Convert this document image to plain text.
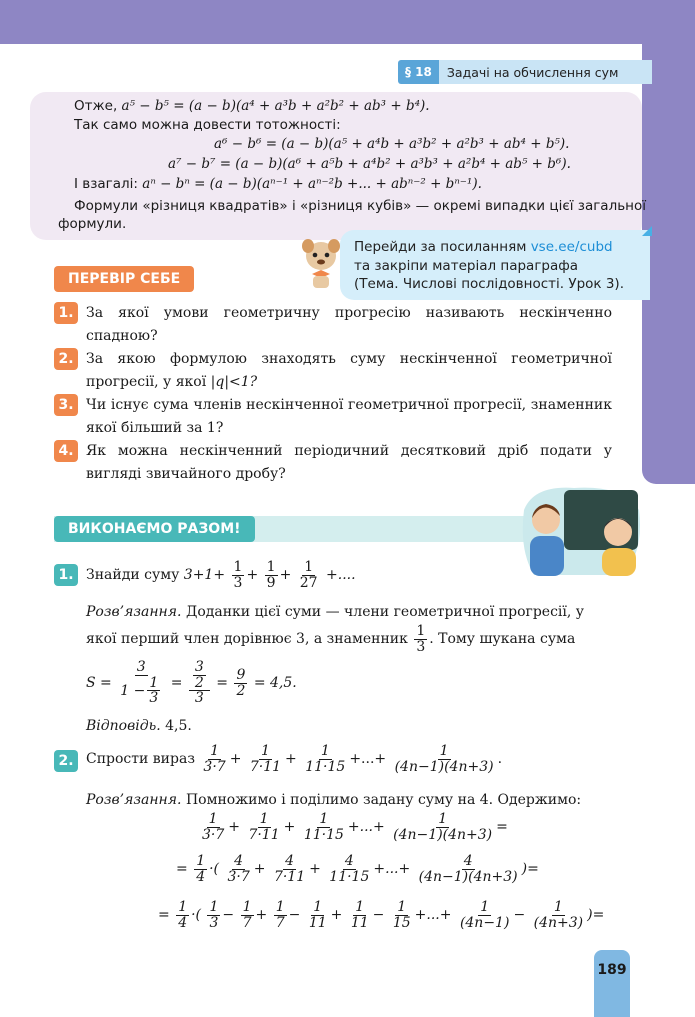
§ 18	Задачі на обчислення сум
Отже, a⁵ − b⁵ = (a − b)(a⁴ + a³b + a²b² + ab³ + b⁴).
Так само можна довести тотожності:
a⁶ − b⁶ = (a − b)(a⁵ + a⁴b + a³b² + a²b³ + ab⁴ + b⁵).
a⁷ − b⁷ = (a − b)(a⁶ + a⁵b + a⁴b² + a³b³ + a²b⁴ + ab⁵ + b⁶).
І взагалі: aⁿ − bⁿ = (a − b)(aⁿ⁻¹ + aⁿ⁻²b +... + abⁿ⁻² + bⁿ⁻¹).
Формули «різниця квадратів» і «різниця кубів» — окремі випадки цієї загальної
формули.
Перейди за посиланням vse.ee/cubd
та закріпи матеріал параграфа
(Тема. Числові послідовності. Урок 3).
ПЕРЕВІР СЕБЕ
1. За якої умови геометричну прогресію називають нескінченно спадною?
2. За якою формулою знаходять суму нескінченної геометричної прогресії, у якої |q|<1?
3. Чи існує сума членів нескінченної геометричної прогресії, знаменник якої більший за 1?
4. Як можна нескінченний періодичний десятковий дріб подати у вигляді звичайного дробу?
ВИКОНАЄМО РАЗОМ!
1. Знайди суму $3+1+ \frac{1}{3} + \frac{1}{9} + \frac{1}{27}$ +....
Розв’язання. Доданки цієї суми — члени геометричної прогресії, у
якої перший член дорівнює 3, а знаменник $\frac{1}{3}$ . Тому шукана сума
$S = \frac{3}{1 - \frac{1}{3}} = \frac{\frac{3}{2}}{3} = \frac{9}{2} = 4,5$.
Відповідь. 4,5.
2. Спрости вираз $\frac{1}{3\cdot 7} + \frac{1}{7\cdot 11} + \frac{1}{11\cdot 15}$ +...+ $\frac{1}{(4n-1)(4n+3)}$ .
Розв’язання. Помножимо і поділимо задану суму на 4. Одержимо:
$\frac{1}{3\cdot 7} + \frac{1}{7\cdot 11} + \frac{1}{11\cdot 15}$ +...+ $\frac{1}{(4n-1)(4n+3)}$ =
= $\frac{1}{4}$ ·( $\frac{4}{3\cdot 7} + \frac{4}{7\cdot 11} + \frac{4}{11\cdot 15}$ +...+ $\frac{4}{(4n-1)(4n+3)}$ )=
= $\frac{1}{4}$ ·( $\frac{1}{3} - \frac{1}{7} + \frac{1}{7} - \frac{1}{11} + \frac{1}{11} - \frac{1}{15}$ +...+ $\frac{1}{(4n-1)} - \frac{1}{(4n+3)}$ )=
189
